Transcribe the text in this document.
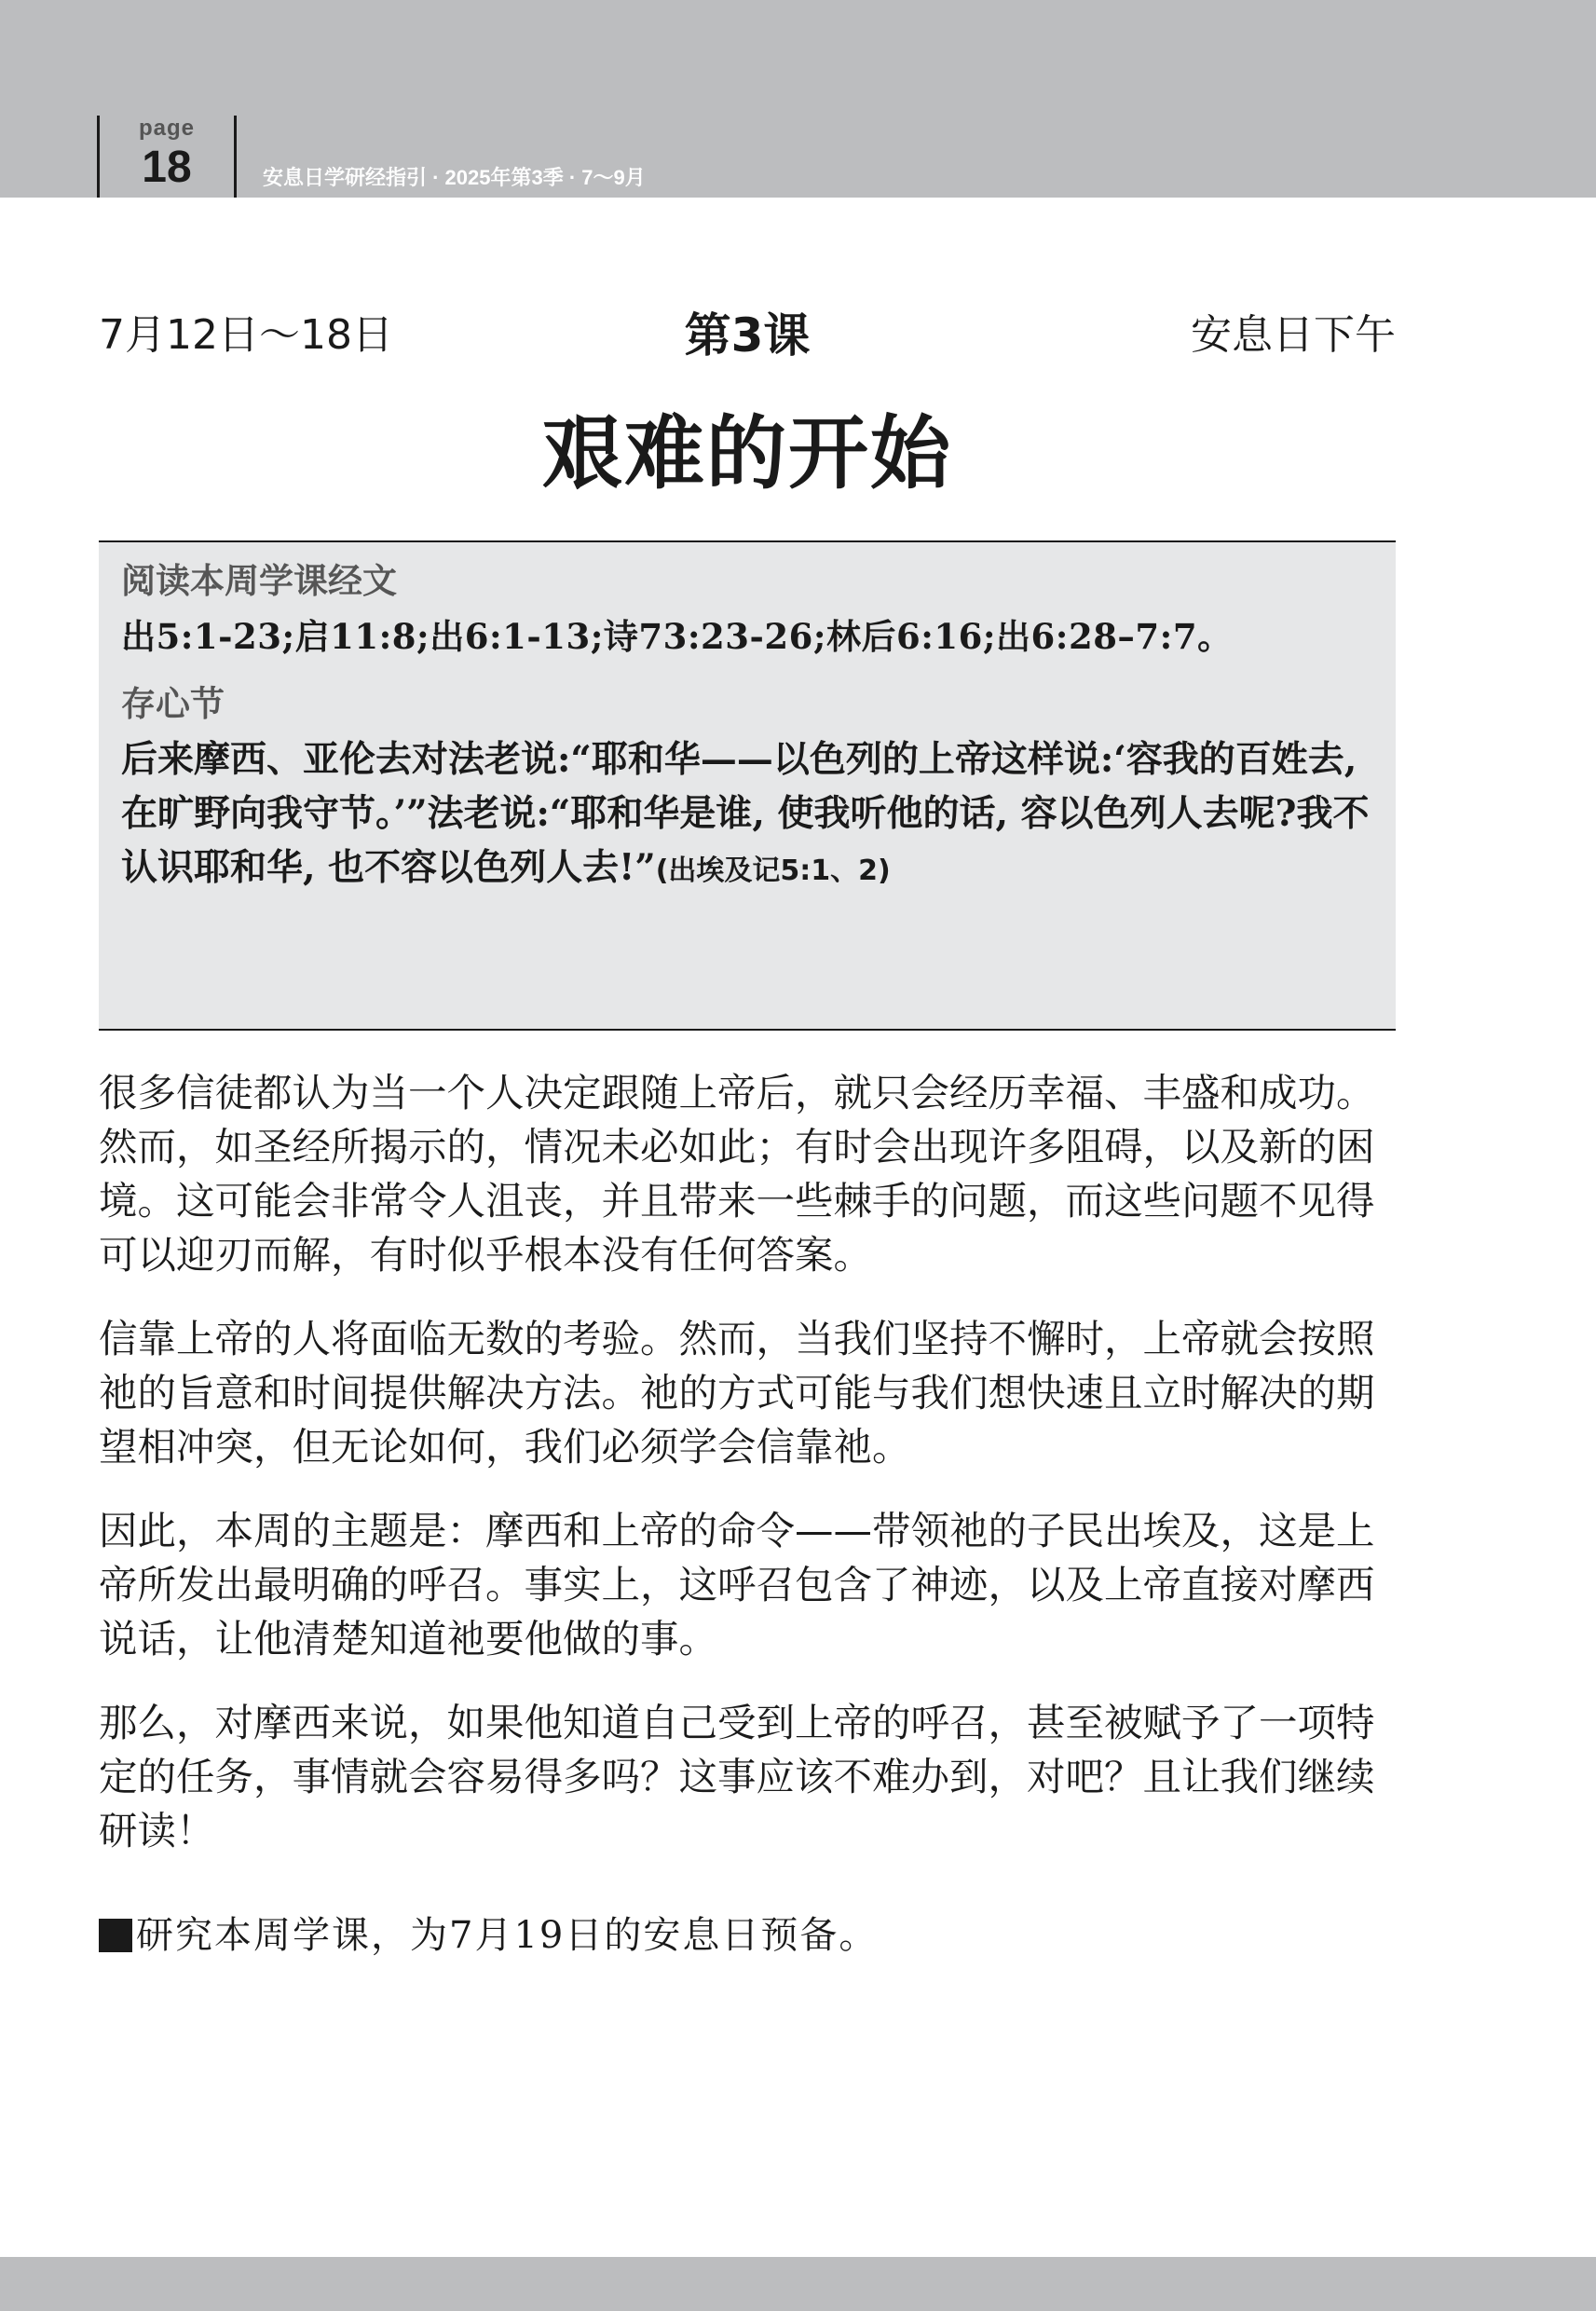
page
18	安息日学研经指引 · 2025年第3季 · 7～9月
第3课
7月12日～18日	安息日下午
艰难的开始
阅读本周学课经文
出5:1-23;启11:8;出6:1-13;诗73:23-26;林后6:16;出6:28–7:7。
存心节
后来摩西、亚伦去对法老说:“耶和华——以色列的上帝这样说:‘容我的百姓去, 在旷野向我守节。’”法老说:“耶和华是谁, 使我听他的话, 容以色列人去呢?我不认识耶和华, 也不容以色列人去!”(出埃及记5:1、2)

很多信徒都认为当一个人决定跟随上帝后，就只会经历幸福、丰盛和成功。然而，如圣经所揭示的，情况未必如此；有时会出现许多阻碍，以及新的困境。这可能会非常令人沮丧，并且带来一些棘手的问题，而这些问题不见得可以迎刃而解，有时似乎根本没有任何答案。

信靠上帝的人将面临无数的考验。然而，当我们坚持不懈时，上帝就会按照祂的旨意和时间提供解决方法。祂的方式可能与我们想快速且立时解决的期望相冲突，但无论如何，我们必须学会信靠祂。

因此，本周的主题是：摩西和上帝的命令——带领祂的子民出埃及，这是上帝所发出最明确的呼召。事实上，这呼召包含了神迹，以及上帝直接对摩西说话，让他清楚知道祂要他做的事。

那么，对摩西来说，如果他知道自己受到上帝的呼召，甚至被赋予了一项特定的任务，事情就会容易得多吗？这事应该不难办到，对吧？且让我们继续研读！

研究本周学课，为7月19日的安息日预备。
